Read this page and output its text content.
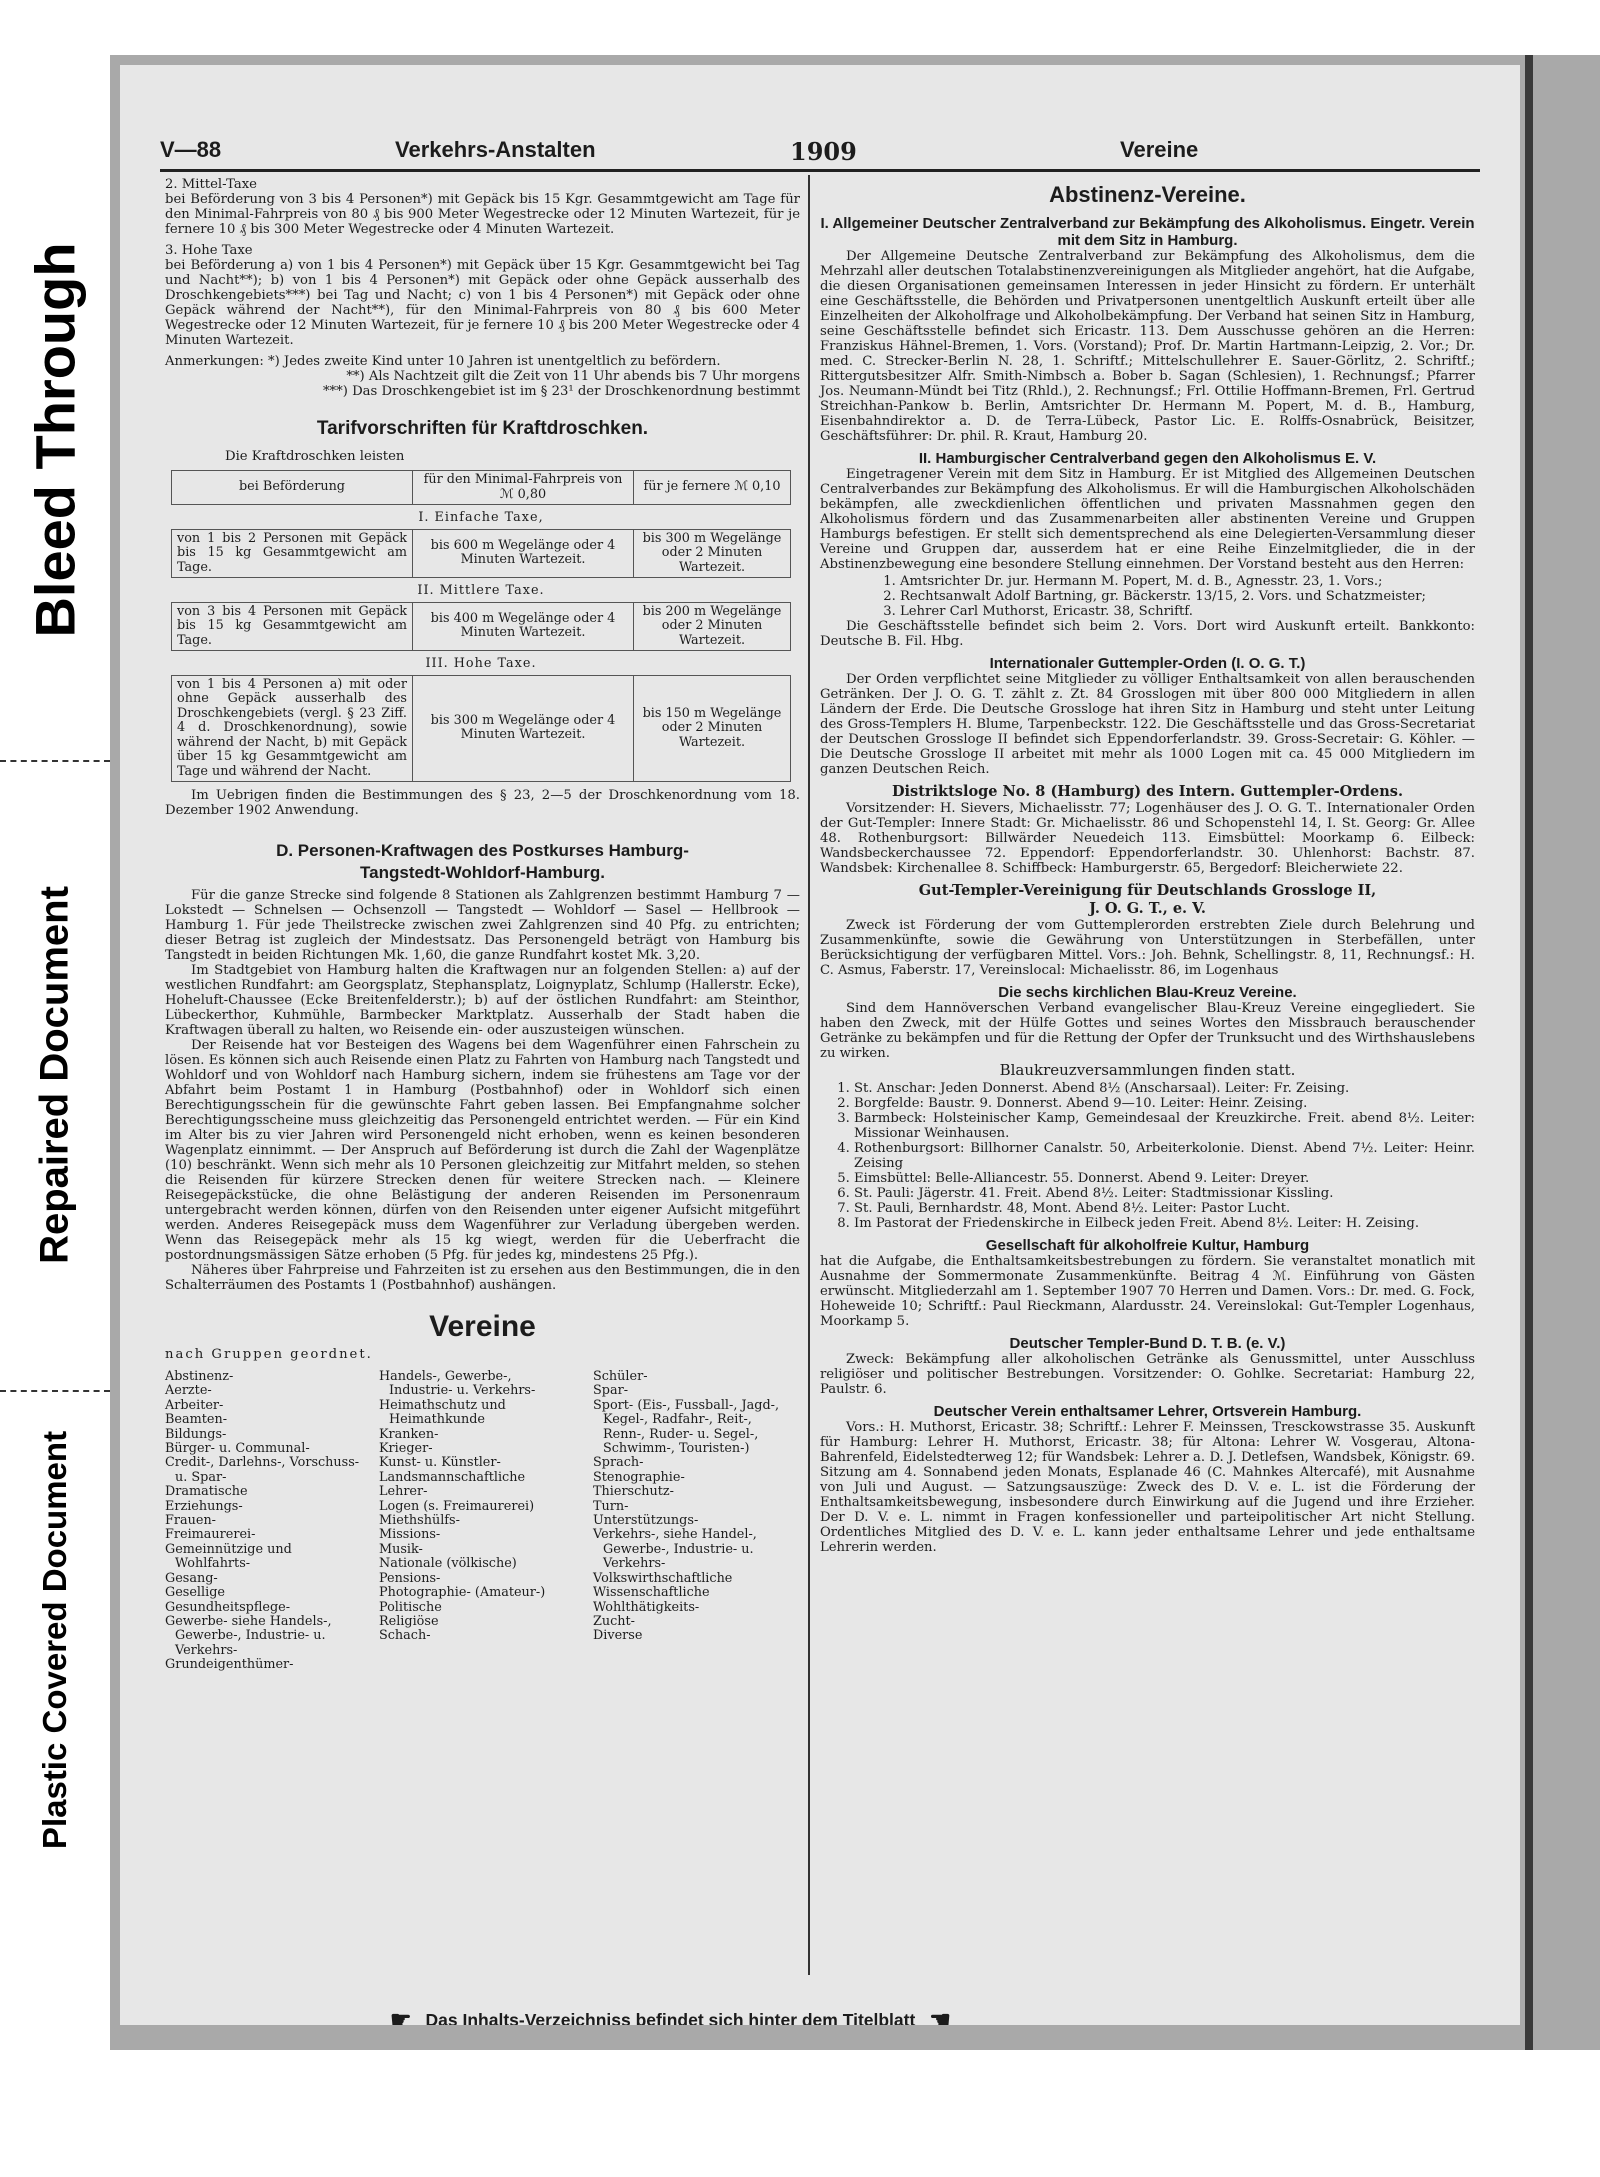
Bleed Through
Repaired Document
Plastic Covered Document
V—88	Verkehrs-Anstalten	1909	Vereine

2. Mittel-Taxe

bei Beförderung von 3 bis 4 Personen*) mit Gepäck bis 15 Kgr. Gesammtgewicht am Tage für den Minimal-Fahrpreis von 80 ₰ bis 900 Meter Wegestrecke oder 12 Minuten Wartezeit, für je fernere 10 ₰ bis 300 Meter Wegestrecke oder 4 Minuten Wartezeit.

3. Hohe Taxe

bei Beförderung a) von 1 bis 4 Personen*) mit Gepäck über 15 Kgr. Gesammtgewicht bei Tag und Nacht**); b) von 1 bis 4 Personen*) mit Gepäck oder ohne Gepäck ausserhalb des Droschkengebiets***) bei Tag und Nacht; c) von 1 bis 4 Personen*) mit Gepäck oder ohne Gepäck während der Nacht**), für den Minimal-Fahrpreis von 80 ₰ bis 600 Meter Wegestrecke oder 12 Minuten Wartezeit, für je fernere 10 ₰ bis 200 Meter Wegestrecke oder 4 Minuten Wartezeit.

Anmerkungen: *) Jedes zweite Kind unter 10 Jahren ist unentgeltlich zu befördern.

**) Als Nachtzeit gilt die Zeit von 11 Uhr abends bis 7 Uhr morgens

***) Das Droschkengebiet ist im § 23¹ der Droschkenordnung bestimmt

Tarifvorschriften für Kraftdroschken.

Die Kraftdroschken leisten

bei Beförderung	für den Minimal-Fahrpreis von ℳ 0,80	für je fernere ℳ 0,10
I. Einfache Taxe,		
von 1 bis 2 Personen mit Gepäck bis 15 kg Gesammtgewicht am Tage.	bis 600 m Wegelänge oder 4 Minuten Wartezeit.	bis 300 m Wegelänge oder 2 Minuten Wartezeit.
II. Mittlere Taxe.		
von 3 bis 4 Personen mit Gepäck bis 15 kg Gesammtgewicht am Tage.	bis 400 m Wegelänge oder 4 Minuten Wartezeit.	bis 200 m Wegelänge oder 2 Minuten Wartezeit.
III. Hohe Taxe.		
von 1 bis 4 Personen a) mit oder ohne Gepäck ausserhalb des Droschkengebiets (vergl. § 23 Ziff. 4 d. Droschkenordnung), sowie während der Nacht, b) mit Gepäck über 15 kg Gesammtgewicht am Tage und während der Nacht.	bis 300 m Wegelänge oder 4 Minuten Wartezeit.	bis 150 m Wegelänge oder 2 Minuten Wartezeit.

Im Uebrigen finden die Bestimmungen des § 23, 2—5 der Droschkenordnung vom 18. Dezember 1902 Anwendung.

D. Personen-Kraftwagen des Postkurses Hamburg-
Tangstedt-Wohldorf-Hamburg.

Für die ganze Strecke sind folgende 8 Stationen als Zahlgrenzen bestimmt Hamburg 7 — Lokstedt — Schnelsen — Ochsenzoll — Tangstedt — Wohldorf — Sasel — Hellbrook — Hamburg 1. Für jede Theilstrecke zwischen zwei Zahlgrenzen sind 40 Pfg. zu entrichten; dieser Betrag ist zugleich der Mindestsatz. Das Personengeld beträgt von Hamburg bis Tangstedt in beiden Richtungen Mk. 1,60, die ganze Rundfahrt kostet Mk. 3,20.

Im Stadtgebiet von Hamburg halten die Kraftwagen nur an folgenden Stellen: a) auf der westlichen Rundfahrt: am Georgsplatz, Stephansplatz, Loignyplatz, Schlump (Hallerstr. Ecke), Hoheluft-Chaussee (Ecke Breitenfelderstr.); b) auf der östlichen Rundfahrt: am Steinthor, Lübeckerthor, Kuhmühle, Barmbecker Marktplatz. Ausserhalb der Stadt haben die Kraftwagen überall zu halten, wo Reisende ein- oder auszusteigen wünschen.

Der Reisende hat vor Besteigen des Wagens bei dem Wagenführer einen Fahrschein zu lösen. Es können sich auch Reisende einen Platz zu Fahrten von Hamburg nach Tangstedt und Wohldorf und von Wohldorf nach Hamburg sichern, indem sie frühestens am Tage vor der Abfahrt beim Postamt 1 in Hamburg (Postbahnhof) oder in Wohldorf sich einen Berechtigungsschein für die gewünschte Fahrt geben lassen. Bei Empfangnahme solcher Berechtigungsscheine muss gleichzeitig das Personengeld entrichtet werden. — Für ein Kind im Alter bis zu vier Jahren wird Personengeld nicht erhoben, wenn es keinen besonderen Wagenplatz einnimmt. — Der Anspruch auf Beförderung ist durch die Zahl der Wagenplätze (10) beschränkt. Wenn sich mehr als 10 Personen gleichzeitig zur Mitfahrt melden, so stehen die Reisenden für kürzere Strecken denen für weitere Strecken nach. — Kleinere Reisegepäckstücke, die ohne Belästigung der anderen Reisenden im Personenraum untergebracht werden können, dürfen von den Reisenden unter eigener Aufsicht mitgeführt werden. Anderes Reisegepäck muss dem Wagenführer zur Verladung übergeben werden. Wenn das Reisegepäck mehr als 15 kg wiegt, werden für die Ueberfracht die postordnungsmässigen Sätze erhoben (5 Pfg. für jedes kg, mindestens 25 Pfg.).

Näheres über Fahrpreise und Fahrzeiten ist zu ersehen aus den Bestimmungen, die in den Schalterräumen des Postamts 1 (Postbahnhof) aushängen.

Vereine

nach Gruppen geordnet.

Abstinenz-
Aerzte-
Arbeiter-
Beamten-
Bildungs-
Bürger- u. Communal-
Credit-, Darlehns-, Vorschuss- u. Spar-
Dramatische
Erziehungs-
Frauen-
Freimaurerei-
Gemeinnützige und Wohlfahrts-
Gesang-
Gesellige
Gesundheitspflege-
Gewerbe- siehe Handels-, Gewerbe-, Industrie- u. Verkehrs-
Grundeigenthümer-
Handels-, Gewerbe-, Industrie- u. Verkehrs-
Heimathschutz und Heimathkunde
Kranken-
Krieger-
Kunst- u. Künstler-
Landsmannschaftliche
Lehrer-
Logen (s. Freimaurerei)
Miethshülfs-
Missions-
Musik-
Nationale (völkische)
Pensions-
Photographie- (Amateur-)
Politische
Religiöse
Schach-
Schüler-
Spar-
Sport- (Eis-, Fussball-, Jagd-, Kegel-, Radfahr-, Reit-, Renn-, Ruder- u. Segel-, Schwimm-, Touristen-)
Sprach-
Stenographie-
Thierschutz-
Turn-
Unterstützungs-
Verkehrs-, siehe Handel-, Gewerbe-, Industrie- u. Verkehrs-
Volkswirthschaftliche
Wissenschaftliche
Wohlthätigkeits-
Zucht-
Diverse
Abstinenz-Vereine.
I. Allgemeiner Deutscher Zentralverband zur Bekämpfung des Alkoholismus. Eingetr. Verein mit dem Sitz in Hamburg.

Der Allgemeine Deutsche Zentralverband zur Bekämpfung des Alkoholismus, dem die Mehrzahl aller deutschen Totalabstinenzvereinigungen als Mitglieder angehört, hat die Aufgabe, die diesen Organisationen gemeinsamen Interessen in jeder Hinsicht zu fördern. Er unterhält eine Geschäftsstelle, die Behörden und Privatpersonen unentgeltlich Auskunft erteilt über alle Einzelheiten der Alkoholfrage und Alkoholbekämpfung. Der Verband hat seinen Sitz in Hamburg, seine Geschäftsstelle befindet sich Ericastr. 113. Dem Ausschusse gehören an die Herren: Franziskus Hähnel-Bremen, 1. Vors. (Vorstand); Prof. Dr. Martin Hartmann-Leipzig, 2. Vor.; Dr. med. C. Strecker-Berlin N. 28, 1. Schriftf.; Mittelschullehrer E. Sauer-Görlitz, 2. Schriftf.; Rittergutsbesitzer Alfr. Smith-Nimbsch a. Bober b. Sagan (Schlesien), 1. Rechnungsf.; Pfarrer Jos. Neumann-Mündt bei Titz (Rhld.), 2. Rechnungsf.; Frl. Ottilie Hoffmann-Bremen, Frl. Gertrud Streichhan-Pankow b. Berlin, Amtsrichter Dr. Hermann M. Popert, M. d. B., Hamburg, Eisenbahndirektor a. D. de Terra-Lübeck, Pastor Lic. E. Rolffs-Osnabrück, Beisitzer, Geschäftsführer: Dr. phil. R. Kraut, Hamburg 20.

II. Hamburgischer Centralverband gegen den Alkoholismus E. V.

Eingetragener Verein mit dem Sitz in Hamburg. Er ist Mitglied des Allgemeinen Deutschen Centralverbandes zur Bekämpfung des Alkoholismus. Er will die Hamburgischen Alkoholschäden bekämpfen, alle zweckdienlichen öffentlichen und privaten Massnahmen gegen den Alkoholismus fördern und das Zusammenarbeiten aller abstinenten Vereine und Gruppen Hamburgs befestigen. Er stellt sich dementsprechend als eine Delegierten-Versammlung dieser Vereine und Gruppen dar, ausserdem hat er eine Reihe Einzelmitglieder, die in der Abstinenzbewegung eine besondere Stellung einnehmen. Der Vorstand besteht aus den Herren:

1. Amtsrichter Dr. jur. Hermann M. Popert, M. d. B., Agnesstr. 23, 1. Vors.;
2. Rechtsanwalt Adolf Bartning, gr. Bäckerstr. 13/15, 2. Vors. und Schatzmeister;
3. Lehrer Carl Muthorst, Ericastr. 38, Schriftf.

Die Geschäftsstelle befindet sich beim 2. Vors. Dort wird Auskunft erteilt. Bankkonto: Deutsche B. Fil. Hbg.

Internationaler Guttempler-Orden (I. O. G. T.)

Der Orden verpflichtet seine Mitglieder zu völliger Enthaltsamkeit von allen berauschenden Getränken. Der J. O. G. T. zählt z. Zt. 84 Grosslogen mit über 800 000 Mitgliedern in allen Ländern der Erde. Die Deutsche Grossloge hat ihren Sitz in Hamburg und steht unter Leitung des Gross-Templers H. Blume, Tarpenbeckstr. 122. Die Geschäftsstelle und das Gross-Secretariat der Deutschen Grossloge II befindet sich Eppendorferlandstr. 39. Gross-Secretair: G. Köhler. — Die Deutsche Grossloge II arbeitet mit mehr als 1000 Logen mit ca. 45 000 Mitgliedern im ganzen Deutschen Reich.

Distriktsloge No. 8 (Hamburg) des Intern. Guttempler-Ordens.

Vorsitzender: H. Sievers, Michaelisstr. 77; Logenhäuser des J. O. G. T.. Internationaler Orden der Gut-Templer: Innere Stadt: Gr. Michaelisstr. 86 und Schopenstehl 14, I. St. Georg: Gr. Allee 48. Rothenburgsort: Billwärder Neuedeich 113. Eimsbüttel: Moorkamp 6. Eilbeck: Wandsbeckerchaussee 72. Eppendorf: Eppendorferlandstr. 30. Uhlenhorst: Bachstr. 87. Wandsbek: Kirchenallee 8. Schiffbeck: Hamburgerstr. 65, Bergedorf: Bleicherwiete 22.

Gut-Templer-Vereinigung für Deutschlands Grossloge II,
J. O. G. T., e. V.

Zweck ist Förderung der vom Guttemplerorden erstrebten Ziele durch Belehrung und Zusammenkünfte, sowie die Gewährung von Unterstützungen in Sterbefällen, unter Berücksichtigung der verfügbaren Mittel. Vors.: Joh. Behnk, Schellingstr. 8, 11, Rechnungsf.: H. C. Asmus, Faberstr. 17, Vereinslocal: Michaelisstr. 86, im Logenhaus

Die sechs kirchlichen Blau-Kreuz Vereine.

Sind dem Hannöverschen Verband evangelischer Blau-Kreuz Vereine eingegliedert. Sie haben den Zweck, mit der Hülfe Gottes und seines Wortes den Missbrauch berauschender Getränke zu bekämpfen und für die Rettung der Opfer der Trunksucht und des Wirthshauslebens zu wirken.

Blaukreuzversammlungen finden statt.
1. St. Anschar: Jeden Donnerst. Abend 8½ (Anscharsaal). Leiter: Fr. Zeising.
2. Borgfelde: Baustr. 9. Donnerst. Abend 9—10. Leiter: Heinr. Zeising.
3. Barmbeck: Holsteinischer Kamp, Gemeindesaal der Kreuzkirche. Freit. abend 8½. Leiter: Missionar Weinhausen.
4. Rothenburgsort: Billhorner Canalstr. 50, Arbeiterkolonie. Dienst. Abend 7½. Leiter: Heinr. Zeising
5. Eimsbüttel: Belle-Alliancestr. 55. Donnerst. Abend 9. Leiter: Dreyer.
6. St. Pauli: Jägerstr. 41. Freit. Abend 8½. Leiter: Stadtmissionar Kissling.
7. St. Pauli, Bernhardstr. 48, Mont. Abend 8½. Leiter: Pastor Lucht.
8. Im Pastorat der Friedenskirche in Eilbeck jeden Freit. Abend 8½. Leiter: H. Zeising.
Gesellschaft für alkoholfreie Kultur, Hamburg

hat die Aufgabe, die Enthaltsamkeitsbestrebungen zu fördern. Sie veranstaltet monatlich mit Ausnahme der Sommermonate Zusammenkünfte. Beitrag 4 ℳ. Einführung von Gästen erwünscht. Mitgliederzahl am 1. September 1907 70 Herren und Damen. Vors.: Dr. med. G. Fock, Hoheweide 10; Schriftf.: Paul Rieckmann, Alardusstr. 24. Vereinslokal: Gut-Templer Logenhaus, Moorkamp 5.

Deutscher Templer-Bund D. T. B. (e. V.)

Zweck: Bekämpfung aller alkoholischen Getränke als Genussmittel, unter Ausschluss religiöser und politischer Bestrebungen. Vorsitzender: O. Gohlke. Secretariat: Hamburg 22, Paulstr. 6.

Deutscher Verein enthaltsamer Lehrer, Ortsverein Hamburg.

Vors.: H. Muthorst, Ericastr. 38; Schriftf.: Lehrer F. Meinssen, Tresckowstrasse 35. Auskunft für Hamburg: Lehrer H. Muthorst, Ericastr. 38; für Altona: Lehrer W. Vosgerau, Altona-Bahrenfeld, Eidelstedterweg 12; für Wandsbek: Lehrer a. D. J. Detlefsen, Wandsbek, Königstr. 69. Sitzung am 4. Sonnabend jeden Monats, Esplanade 46 (C. Mahnkes Altercafé), mit Ausnahme von Juli und August. — Satzungsauszüge: Zweck des D. V. e. L. ist die Förderung der Enthaltsamkeitsbewegung, insbesondere durch Einwirkung auf die Jugend und ihre Erzieher. Der D. V. e. L. nimmt in Fragen konfessioneller und parteipolitischer Art nicht Stellung. Ordentliches Mitglied des D. V. e. L. kann jeder enthaltsame Lehrer und jede enthaltsame Lehrerin werden.

☛ Das Inhalts-Verzeichniss befindet sich hinter dem Titelblatt ☚
